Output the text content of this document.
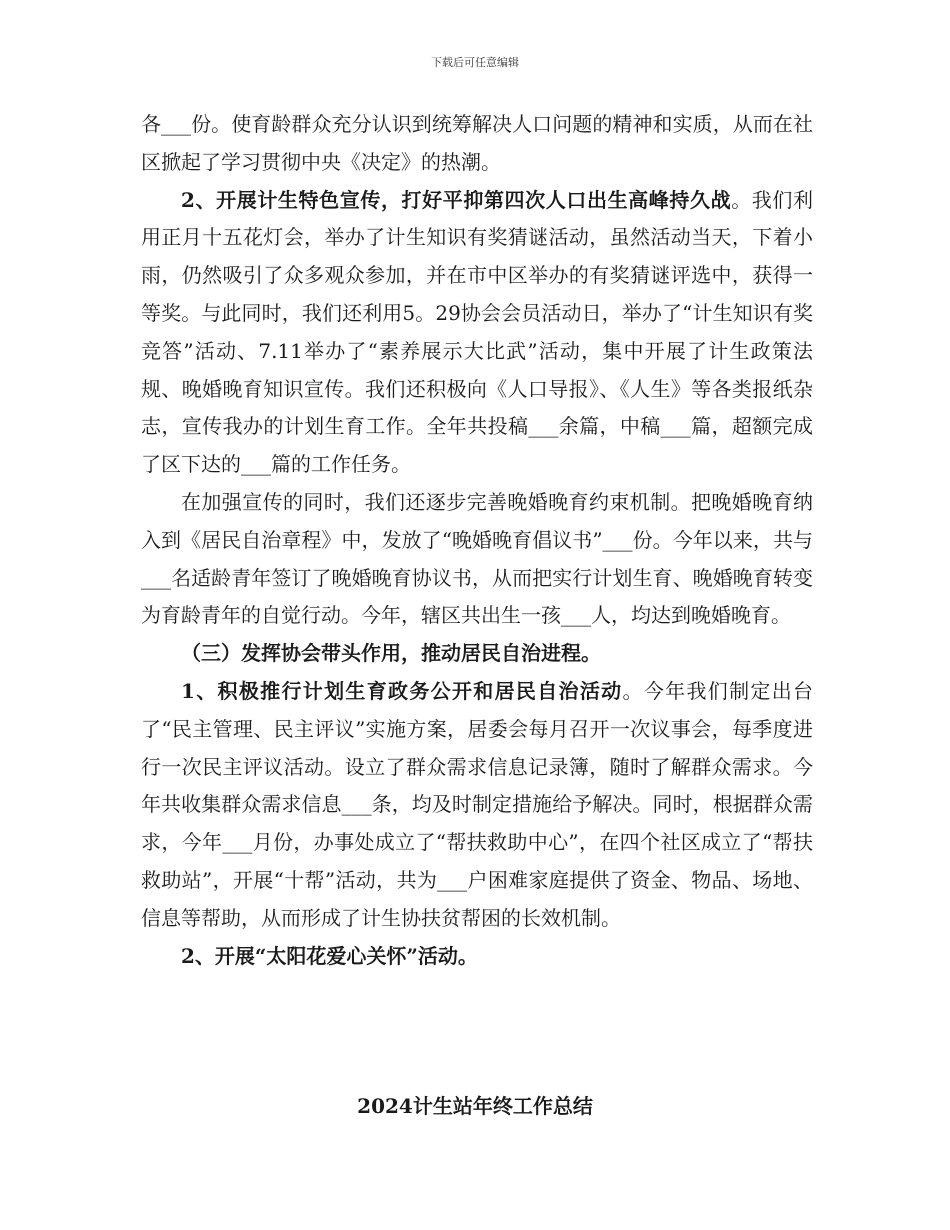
下载后可任意编辑

各___份。使育龄群众充分认识到统筹解决人口问题的精神和实质，从而在社区掀起了学习贯彻中央《决定》的热潮。

2、开展计生特色宣传，打好平抑第四次人口出生高峰持久战。我们利用正月十五花灯会，举办了计生知识有奖猜谜活动，虽然活动当天，下着小雨，仍然吸引了众多观众参加，并在市中区举办的有奖猜谜评选中，获得一等奖。与此同时，我们还利用5。29协会会员活动日，举办了“计生知识有奖竞答”活动、7.11举办了“素养展示大比武”活动，集中开展了计生政策法规、晚婚晚育知识宣传。我们还积极向《人口导报》、《人生》等各类报纸杂志，宣传我办的计划生育工作。全年共投稿___余篇，中稿___篇，超额完成了区下达的___篇的工作任务。

在加强宣传的同时，我们还逐步完善晚婚晚育约束机制。把晚婚晚育纳入到《居民自治章程》中，发放了“晚婚晚育倡议书”___份。今年以来，共与___名适龄青年签订了晚婚晚育协议书，从而把实行计划生育、晚婚晚育转变为育龄青年的自觉行动。今年，辖区共出生一孩___人，均达到晚婚晚育。

（三）发挥协会带头作用，推动居民自治进程。

1、积极推行计划生育政务公开和居民自治活动。今年我们制定出台了“民主管理、民主评议”实施方案，居委会每月召开一次议事会，每季度进行一次民主评议活动。设立了群众需求信息记录簿，随时了解群众需求。今年共收集群众需求信息___条，均及时制定措施给予解决。同时，根据群众需求，今年___月份，办事处成立了“帮扶救助中心”，在四个社区成立了“帮扶救助站”，开展“十帮”活动，共为___户困难家庭提供了资金、物品、场地、信息等帮助，从而形成了计生协扶贫帮困的长效机制。

2、开展“太阳花爱心关怀”活动。

2024计生站年终工作总结
